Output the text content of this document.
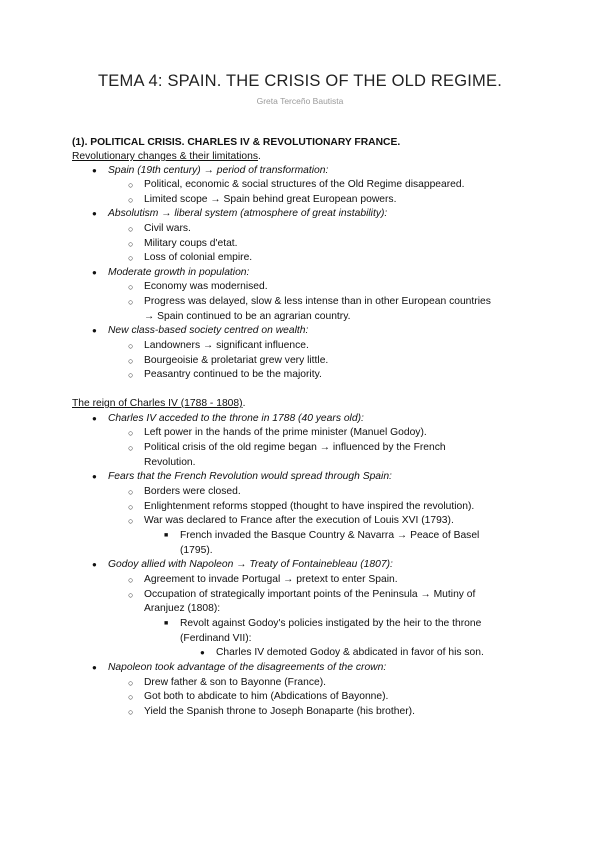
TEMA 4: SPAIN. THE CRISIS OF THE OLD REGIME.
Greta Terceño Bautista
(1). POLITICAL CRISIS. CHARLES IV & REVOLUTIONARY FRANCE.
Revolutionary changes & their limitations.
● Spain (19th century) → period of transformation:
○ Political, economic & social structures of the Old Regime disappeared.
○ Limited scope → Spain behind great European powers.
● Absolutism → liberal system (atmosphere of great instability):
○ Civil wars.
○ Military coups d'etat.
○ Loss of colonial empire.
● Moderate growth in population:
○ Economy was modernised.
○ Progress was delayed, slow & less intense than in other European countries
→ Spain continued to be an agrarian country.
● New class-based society centred on wealth:
○ Landowners → significant influence.
○ Bourgeoisie & proletariat grew very little.
○ Peasantry continued to be the majority.
The reign of Charles IV (1788 - 1808).
● Charles IV acceded to the throne in 1788 (40 years old):
○ Left power in the hands of the prime minister (Manuel Godoy).
○ Political crisis of the old regime began → influenced by the French
Revolution.
● Fears that the French Revolution would spread through Spain:
○ Borders were closed.
○ Enlightenment reforms stopped (thought to have inspired the revolution).
○ War was declared to France after the execution of Louis XVI (1793).
■ French invaded the Basque Country & Navarra → Peace of Basel
(1795).
● Godoy allied with Napoleon → Treaty of Fontainebleau (1807):
○ Agreement to invade Portugal → pretext to enter Spain.
○ Occupation of strategically important points of the Peninsula → Mutiny of
Aranjuez (1808):
■ Revolt against Godoy's policies instigated by the heir to the throne
(Ferdinand VII):
● Charles IV demoted Godoy & abdicated in favor of his son.
● Napoleon took advantage of the disagreements of the crown:
○ Drew father & son to Bayonne (France).
○ Got both to abdicate to him (Abdications of Bayonne).
○ Yield the Spanish throne to Joseph Bonaparte (his brother).
